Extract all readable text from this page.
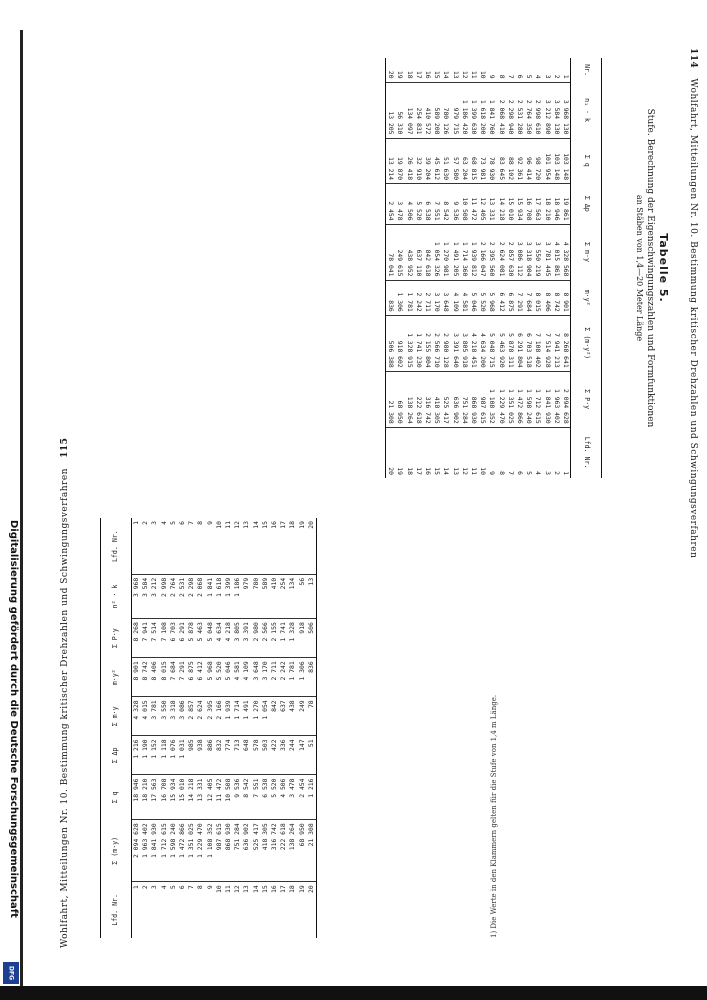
114   Wohlfahrt, Mitteilungen Nr. 10. Bestimmung kritischer Drehzahlen und Schwingungsverfahren
Tabelle 5.
Stufe. Berechnung der Eigenschwingungszahlen und Formfunktionen
an Stäben von 1,4—20 Meter Länge
Nr.	n₁ · k	Σ q	Σ Δp	Σ m·y	m·y²	Σ (m·y²)	Σ P·y	Lfd. Nr.
1	3 968 130	103 148	19 861	4 328 568	8 901	8 268 641	2 094 628	1
2	3 584 130	103 148	18 946	4 015 861	8 742	7 941 213	1 963 402	2
3	3 212 890	101 954	18 210	3 781 445	8 406	7 514 928	1 841 930	3
4	2 998 610	98 720	17 563	3 550 219	8 015	7 108 402	1 712 615	4
5	2 764 350	96 414	16 708	3 318 904	7 684	6 703 518	1 598 240	5
6	2 531 280	92 361	15 934	3 086 112	7 291	6 291 804	1 472 866	6
7	2 298 940	88 102	15 010	2 857 630	6 875	5 878 311	1 351 025	7
8	2 068 410	83 645	14 218	2 624 081	6 412	5 463 920	1 229 470	8
9	1 841 760	78 930	13 331	2 395 560	5 968	5 048 715	1 108 352	9
10	1 618 200	73 981	12 405	2 166 047	5 520	4 634 200	987 615	10
11	1 399 630	68 815	11 472	1 939 812	5 046	4 218 451	868 930	11
12	1 186 420	63 204	10 508	1 714 360	4 581	3 805 918	751 284	12
13	979 715	57 580	9 536	1 491 205	4 109	3 391 640	636 902	13
14	780 126	51 630	8 542	1 270 981	3 648	2 980 128	525 417	14
15	589 208	45 612	7 551	1 054 326	3 170	2 566 710	418 305	15
16	410 572	39 204	6 538	842 618	2 711	2 155 804	316 742	16
17	254 831	32 910	5 520	637 110	2 242	1 741 230	222 618	17
18	134 097	26 418	4 506	438 952	1 781	1 328 915	138 264	18
19	56 310	19 870	3 478	249 615	1 306	918 602	68 950	19
20	13 205	13 214	2 454	78 041	836	506 388	21 308	20
Wohlfahrt, Mitteilungen Nr. 10. Bestimmung kritischer Drehzahlen und Schwingungsverfahren   115
Lfd. Nr.	Σ (m·y)	Σ q	Σ Δp	Σ m·y	m·y²	Σ P·y	n² · k	Lfd. Nr.
1	2 094 628	18 946	1 216	4 328	8 901	8 268	3 968	1
2	1 963 402	18 210	1 190	4 015	8 742	7 941	3 584	2
3	1 841 930	17 563	1 152	3 781	8 406	7 514	3 212	3
4	1 712 615	16 708	1 118	3 550	8 015	7 108	2 998	4
5	1 598 240	15 934	1 076	3 318	7 684	6 703	2 764	5
6	1 472 866	15 010	1 031	3 086	7 291	6 291	2 531	6
7	1 351 025	14 218	985	2 857	6 875	5 878	2 298	7
8	1 229 470	13 331	938	2 624	6 412	5 463	2 068	8
9	1 108 352	12 405	886	2 395	5 968	5 048	1 841	9
10	987 615	11 472	832	2 166	5 520	4 634	1 618	10
11	868 930	10 508	774	1 939	5 046	4 218	1 399	11
12	751 284	9 536	713	1 714	4 581	3 805	1 186	12
13	636 902	8 542	648	1 491	4 109	3 391	979	13
14	525 417	7 551	578	1 270	3 648	2 980	780	14
15	418 305	6 538	503	1 054	3 170	2 566	589	15
16	316 742	5 520	422	842	2 711	2 155	410	16
17	222 618	4 506	336	637	2 242	1 741	254	17
18	138 264	3 478	244	438	1 781	1 328	134	18
19	68 950	2 454	147	249	1 306	918	56	19
20	21 308	1 216	51	78	836	506	13	20
1) Die Werte in den Klammern gelten für die Stufe von 1,4 m Länge.
Digitalisierung gefördert durch die Deutsche Forschungsgemeinschaft
DFG
